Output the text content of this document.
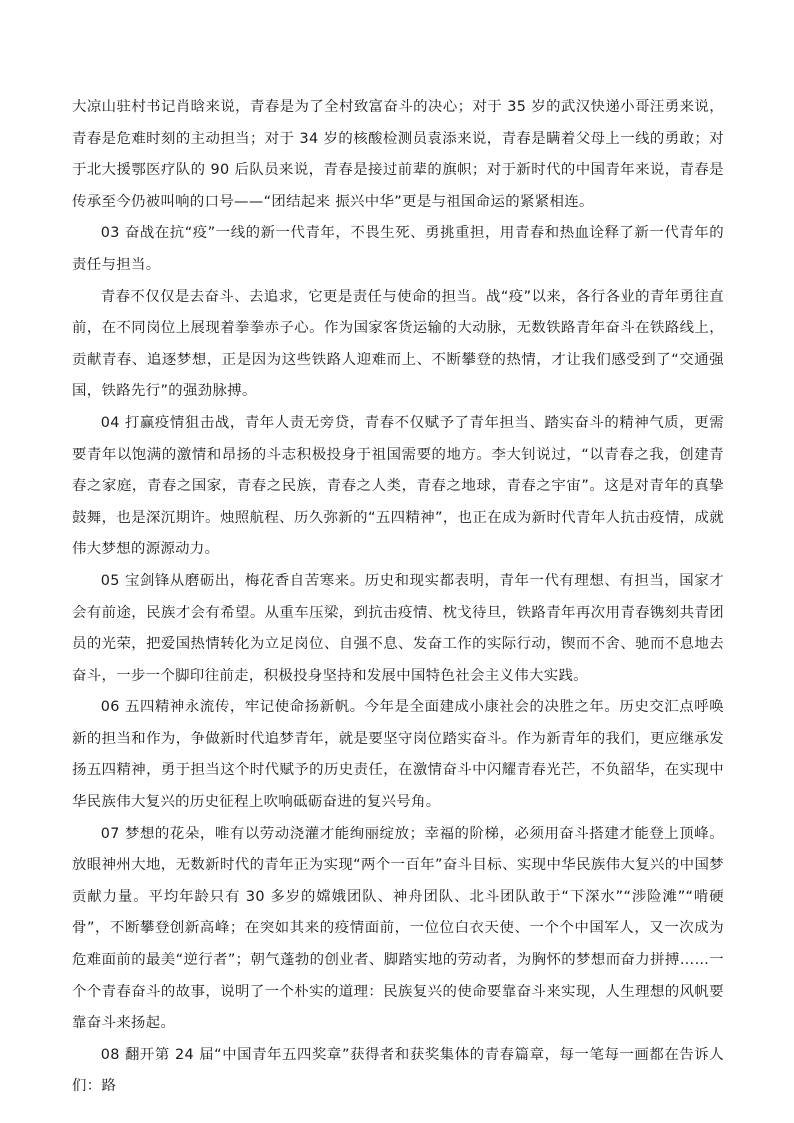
大凉山驻村书记肖晗来说，青春是为了全村致富奋斗的决心；对于 35 岁的武汉快递小哥汪勇来说，青春是危难时刻的主动担当；对于 34 岁的核酸检测员袁添来说，青春是瞒着父母上一线的勇敢；对于北大援鄂医疗队的 90 后队员来说，青春是接过前辈的旗帜；对于新时代的中国青年来说，青春是传承至今仍被叫响的口号——“团结起来 振兴中华”更是与祖国命运的紧紧相连。

03 奋战在抗“疫”一线的新一代青年，不畏生死、勇挑重担，用青春和热血诠释了新一代青年的责任与担当。

青春不仅仅是去奋斗、去追求，它更是责任与使命的担当。战“疫”以来，各行各业的青年勇往直前，在不同岗位上展现着拳拳赤子心。作为国家客货运输的大动脉，无数铁路青年奋斗在铁路线上，贡献青春、追逐梦想，正是因为这些铁路人迎难而上、不断攀登的热情，才让我们感受到了“交通强国，铁路先行”的强劲脉搏。

04 打赢疫情狙击战，青年人责无旁贷，青春不仅赋予了青年担当、踏实奋斗的精神气质，更需要青年以饱满的激情和昂扬的斗志积极投身于祖国需要的地方。李大钊说过，“以青春之我，创建青春之家庭，青春之国家，青春之民族，青春之人类，青春之地球，青春之宇宙”。这是对青年的真挚鼓舞，也是深沉期许。烛照航程、历久弥新的“五四精神”，也正在成为新时代青年人抗击疫情，成就伟大梦想的源源动力。

05 宝剑锋从磨砺出，梅花香自苦寒来。历史和现实都表明，青年一代有理想、有担当，国家才会有前途，民族才会有希望。从重车压梁，到抗击疫情、枕戈待旦，铁路青年再次用青春镌刻共青团员的光荣，把爱国热情转化为立足岗位、自强不息、发奋工作的实际行动，锲而不舍、驰而不息地去奋斗，一步一个脚印往前走，积极投身坚持和发展中国特色社会主义伟大实践。

06 五四精神永流传，牢记使命扬新帆。今年是全面建成小康社会的决胜之年。历史交汇点呼唤新的担当和作为，争做新时代追梦青年，就是要坚守岗位踏实奋斗。作为新青年的我们，更应继承发扬五四精神，勇于担当这个时代赋予的历史责任，在激情奋斗中闪耀青春光芒，不负韶华，在实现中华民族伟大复兴的历史征程上吹响砥砺奋进的复兴号角。

07 梦想的花朵，唯有以劳动浇灌才能绚丽绽放；幸福的阶梯，必须用奋斗搭建才能登上顶峰。放眼神州大地，无数新时代的青年正为实现“两个一百年”奋斗目标、实现中华民族伟大复兴的中国梦贡献力量。平均年龄只有 30 多岁的嫦娥团队、神舟团队、北斗团队敢于“下深水”“涉险滩”“啃硬骨”，不断攀登创新高峰；在突如其来的疫情面前，一位位白衣天使、一个个中国军人，又一次成为危难面前的最美“逆行者”；朝气蓬勃的创业者、脚踏实地的劳动者，为胸怀的梦想而奋力拼搏……一个个青春奋斗的故事，说明了一个朴实的道理：民族复兴的使命要靠奋斗来实现，人生理想的风帆要靠奋斗来扬起。

08 翻开第 24 届“中国青年五四奖章”获得者和获奖集体的青春篇章，每一笔每一画都在告诉人们：路
